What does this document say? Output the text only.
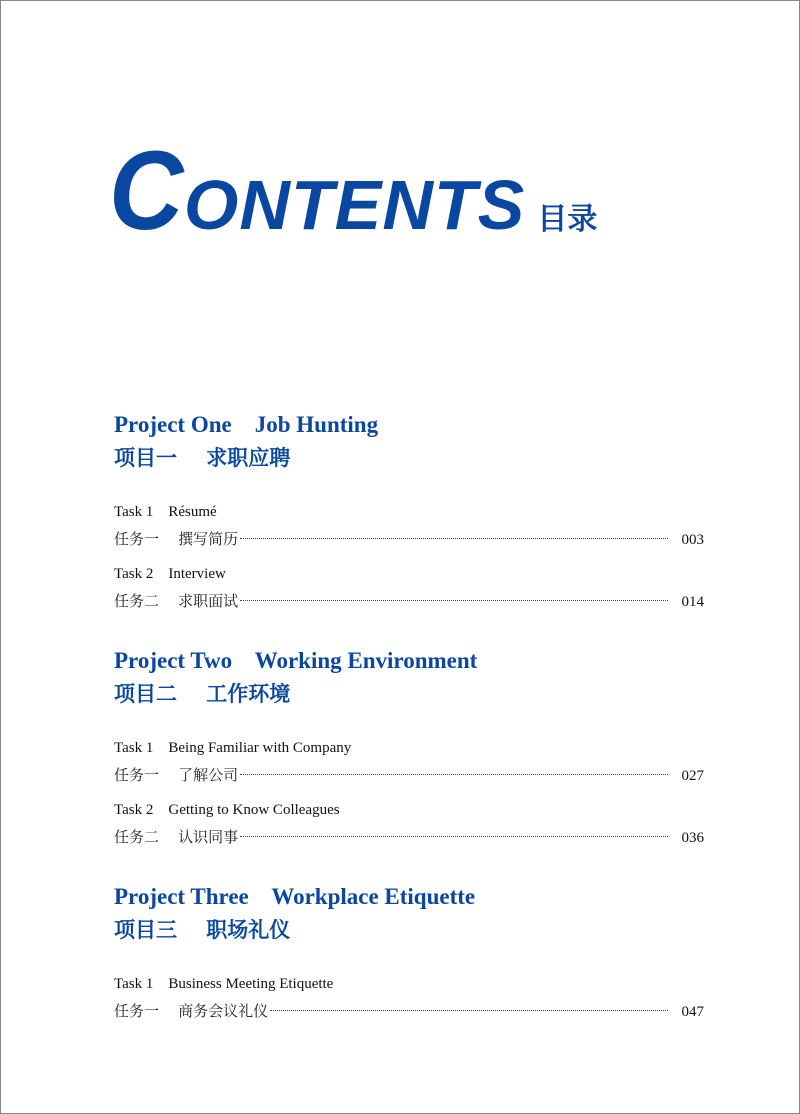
C ONTENTS 目录
Project One    Job Hunting
项目一    求职应聘
Task 1    Résumé
任务一    撰写简历	003
Task 2    Interview
任务二    求职面试	014
Project Two    Working Environment
项目二    工作环境
Task 1    Being Familiar with Company
任务一    了解公司	027
Task 2    Getting to Know Colleagues
任务二    认识同事	036
Project Three    Workplace Etiquette
项目三    职场礼仪
Task 1    Business Meeting Etiquette
任务一    商务会议礼仪	047
